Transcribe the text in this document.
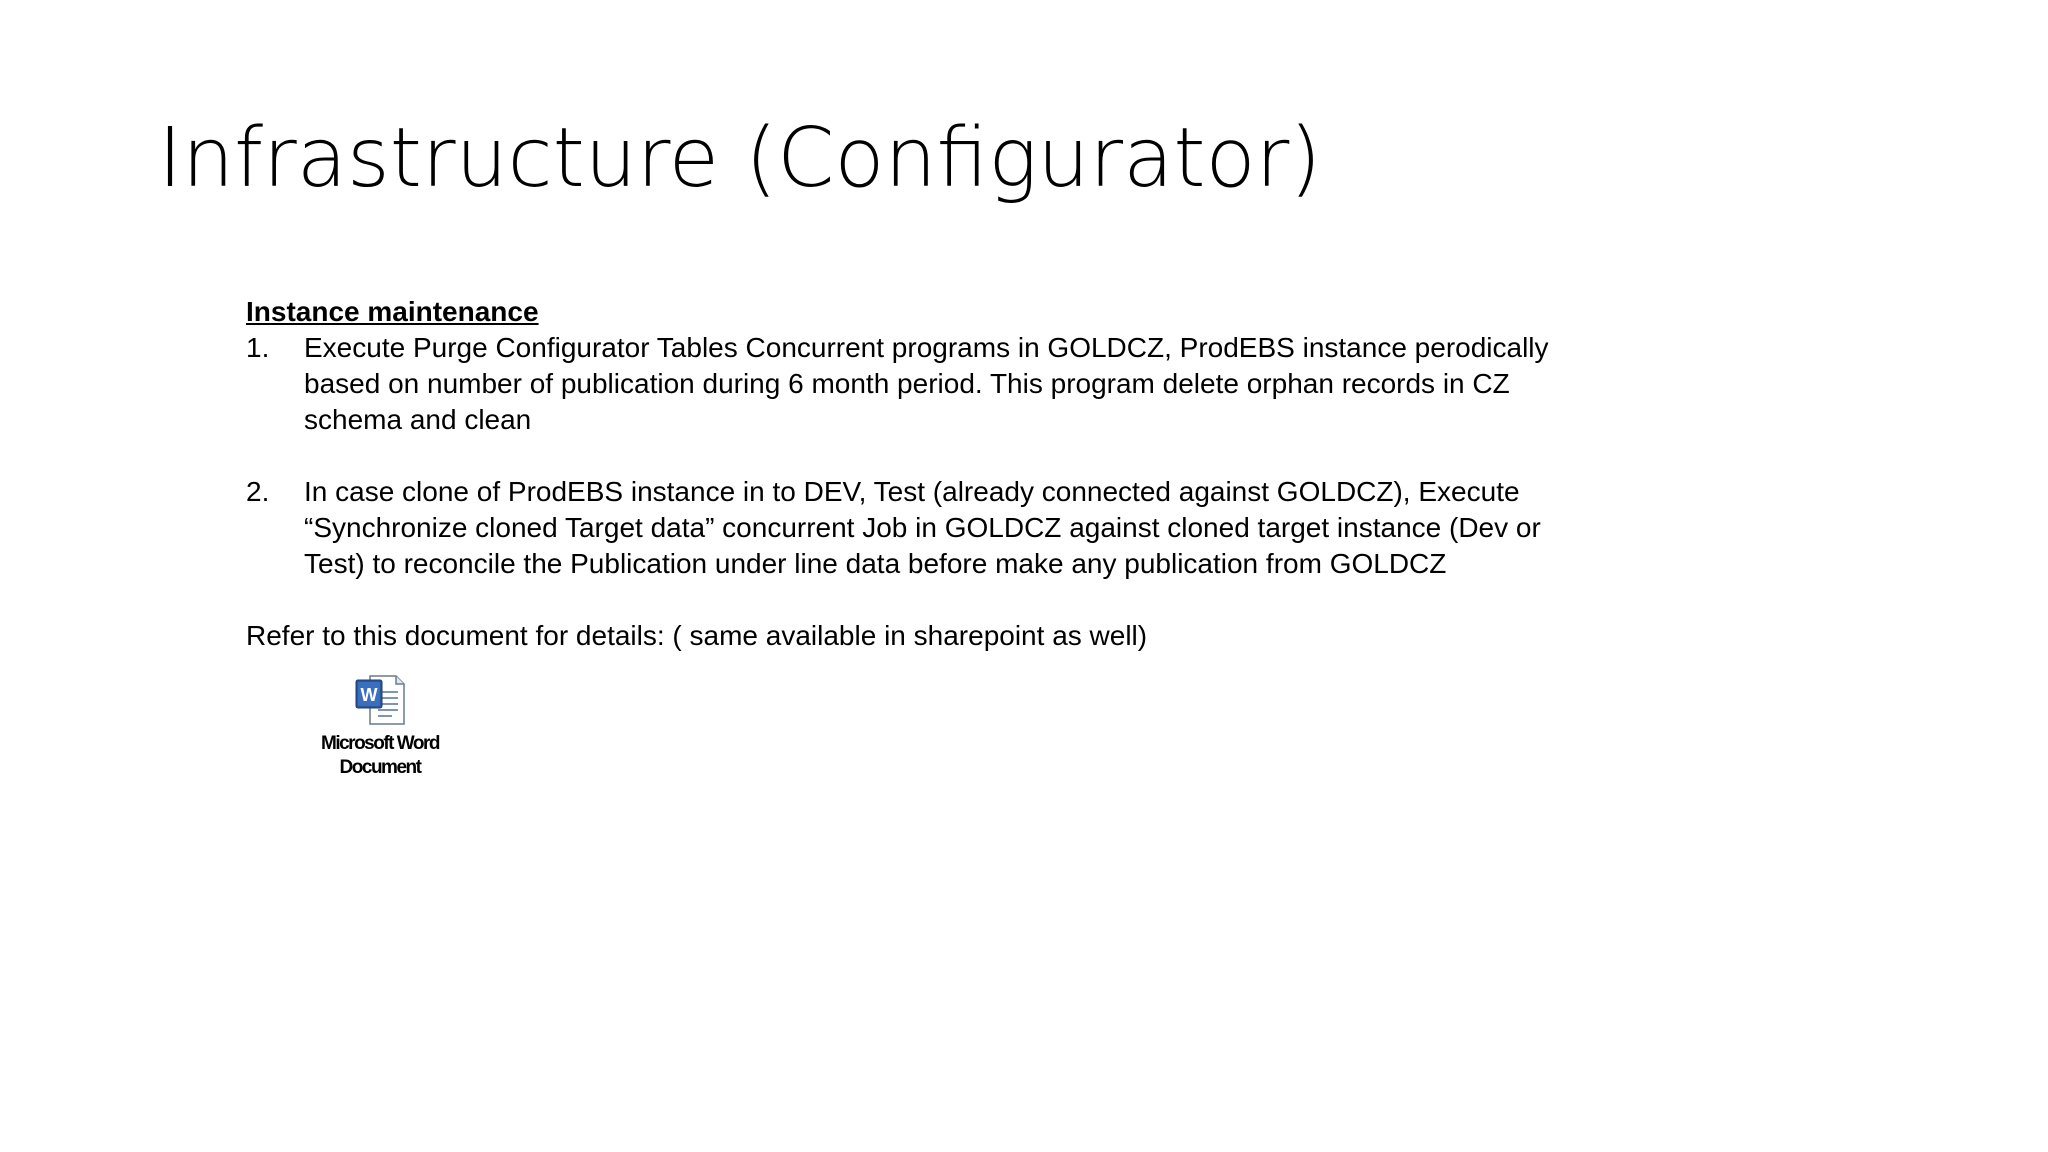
Infrastructure (Configurator)

Instance maintenance

1.	Execute Purge Configurator Tables Concurrent programs in GOLDCZ, ProdEBS instance perodically
based on number of publication during 6 month period. This program delete orphan records in CZ
schema and clean
2.	In case clone of ProdEBS instance in to DEV, Test (already connected against GOLDCZ), Execute
“Synchronize cloned Target data” concurrent Job in GOLDCZ against cloned target instance (Dev or
Test) to reconcile the Publication under line data before make any publication from GOLDCZ

Refer to this document for details: ( same available in sharepoint as well)

W
Microsoft Word
Document
